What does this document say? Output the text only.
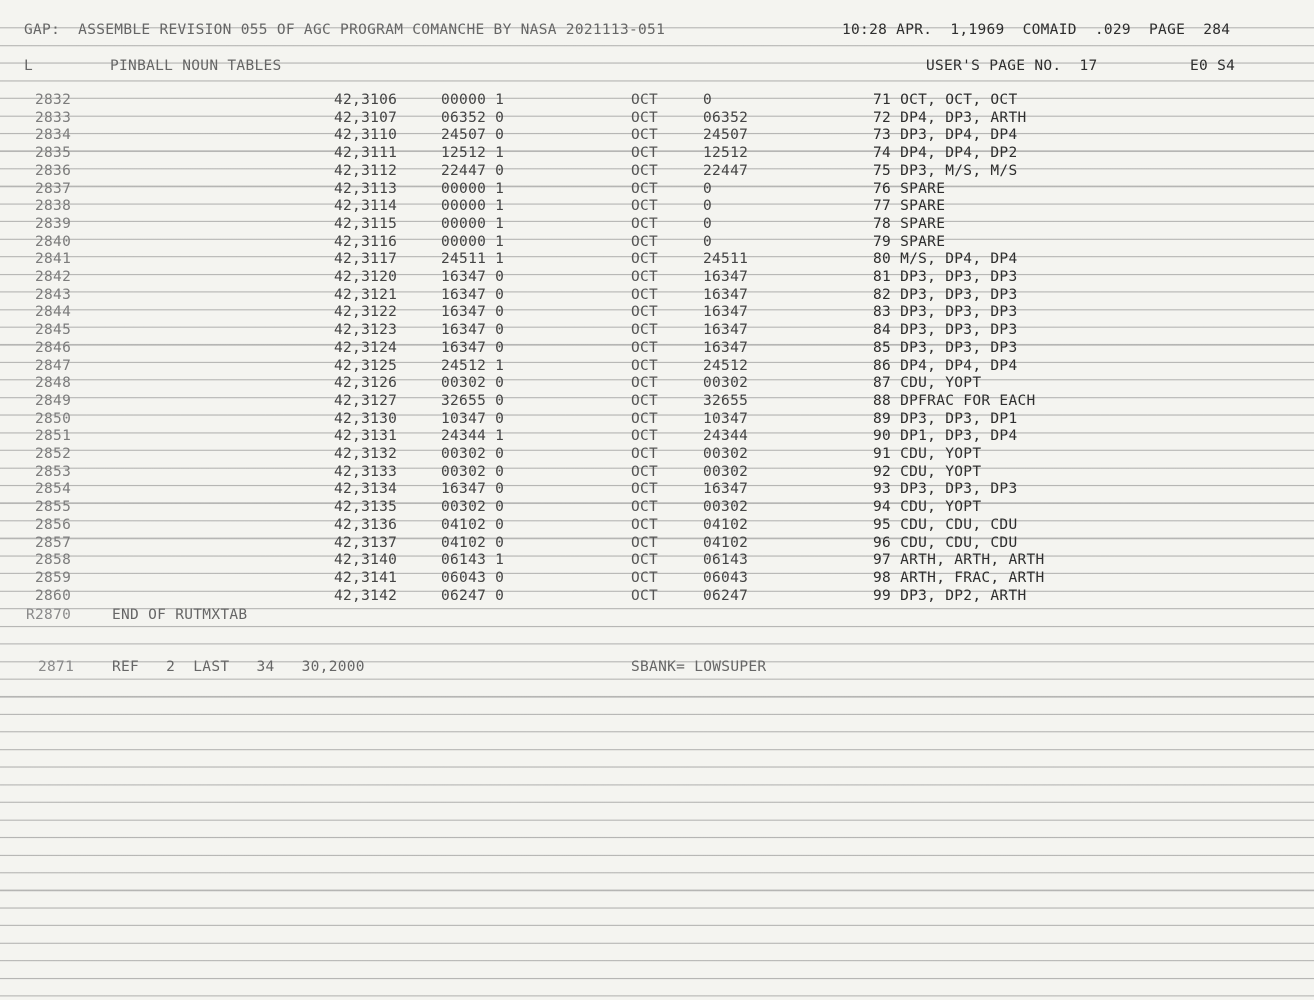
GAP:  ASSEMBLE REVISION 055 OF AGC PROGRAM COMANCHE BY NASA 2021113-051	10:28 APR.  1,1969  COMAID  .029  PAGE  284
L	PINBALL NOUN TABLES	USER'S PAGE NO.  17	E0 S4
2832	42,3106	00000 1	OCT	0	71 OCT, OCT, OCT
2833	42,3107	06352 0	OCT	06352	72 DP4, DP3, ARTH
2834	42,3110	24507 0	OCT	24507	73 DP3, DP4, DP4
2835	42,3111	12512 1	OCT	12512	74 DP4, DP4, DP2
2836	42,3112	22447 0	OCT	22447	75 DP3, M/S, M/S
2837	42,3113	00000 1	OCT	0	76 SPARE
2838	42,3114	00000 1	OCT	0	77 SPARE
2839	42,3115	00000 1	OCT	0	78 SPARE
2840	42,3116	00000 1	OCT	0	79 SPARE
2841	42,3117	24511 1	OCT	24511	80 M/S, DP4, DP4
2842	42,3120	16347 0	OCT	16347	81 DP3, DP3, DP3
2843	42,3121	16347 0	OCT	16347	82 DP3, DP3, DP3
2844	42,3122	16347 0	OCT	16347	83 DP3, DP3, DP3
2845	42,3123	16347 0	OCT	16347	84 DP3, DP3, DP3
2846	42,3124	16347 0	OCT	16347	85 DP3, DP3, DP3
2847	42,3125	24512 1	OCT	24512	86 DP4, DP4, DP4
2848	42,3126	00302 0	OCT	00302	87 CDU, YOPT
2849	42,3127	32655 0	OCT	32655	88 DPFRAC FOR EACH
2850	42,3130	10347 0	OCT	10347	89 DP3, DP3, DP1
2851	42,3131	24344 1	OCT	24344	90 DP1, DP3, DP4
2852	42,3132	00302 0	OCT	00302	91 CDU, YOPT
2853	42,3133	00302 0	OCT	00302	92 CDU, YOPT
2854	42,3134	16347 0	OCT	16347	93 DP3, DP3, DP3
2855	42,3135	00302 0	OCT	00302	94 CDU, YOPT
2856	42,3136	04102 0	OCT	04102	95 CDU, CDU, CDU
2857	42,3137	04102 0	OCT	04102	96 CDU, CDU, CDU
2858	42,3140	06143 1	OCT	06143	97 ARTH, ARTH, ARTH
2859	42,3141	06043 0	OCT	06043	98 ARTH, FRAC, ARTH
2860	42,3142	06247 0	OCT	06247	99 DP3, DP2, ARTH
R2870	END OF RUTMXTAB
2871	REF   2  LAST   34   30,2000	SBANK= LOWSUPER
